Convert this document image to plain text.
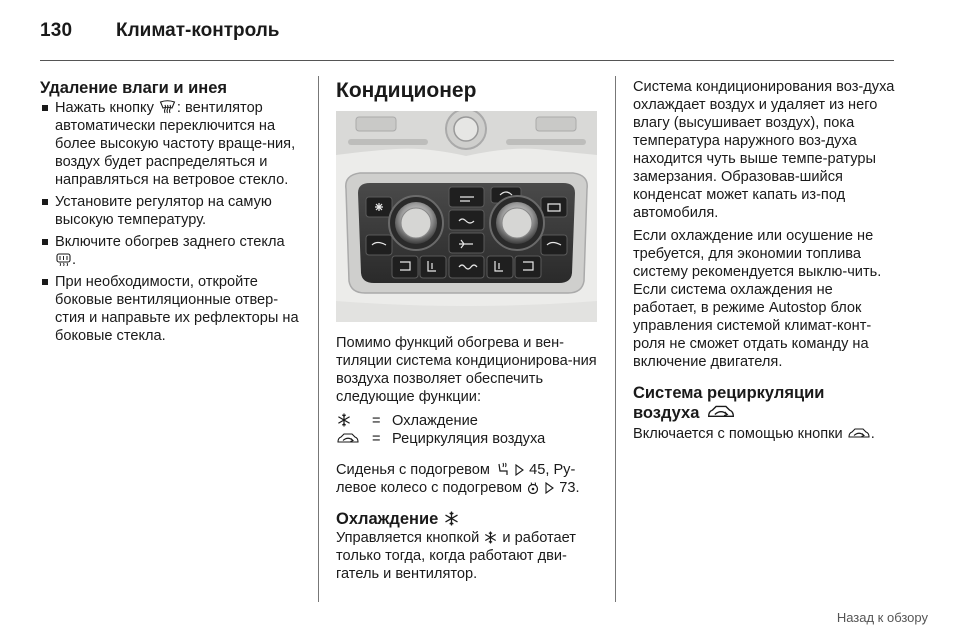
130 Климат-контроль
Удаление влаги и инея
Нажать кнопку : вентилятор автоматически переключится на более высокую частоту враще-ния, воздух будет распределяться и направляться на ветровое стекло.
Установите регулятор на самую высокую температуру.
Включите обогрев заднего стекла .
При необходимости, откройте боковые вентиляционные отвер-стия и направьте их рефлекторы на боковые стекла.
Кондиционер
Помимо функций обогрева и вен-тиляции система кондиционирова-ния воздуха позволяет обеспечить следующие функции:
= Охлаждение
= Рециркуляция воздуха
Сиденья с подогревом	45, Ру-
левое колесо с подогревом	73.
Охлаждение
Управляется кнопкой и работает только тогда, когда работают дви-гатель и вентилятор.
Система кондиционирования воз-духа охлаждает воздух и удаляет из него влагу (высушивает воздух), пока температура наружного воз-духа находится чуть выше темпе-ратуры замерзания. Образовав-шийся конденсат может капать из-под автомобиля.
Если охлаждение или осушение не требуется, для экономии топлива систему рекомендуется выклю-чить. Если система охлаждения не работает, в режиме Autostop блок управления системой климат-конт-роля не сможет отдать команду на включение двигателя.
Система рециркуляции воздуха
Включается с помощью кнопки .
Назад к обзору
